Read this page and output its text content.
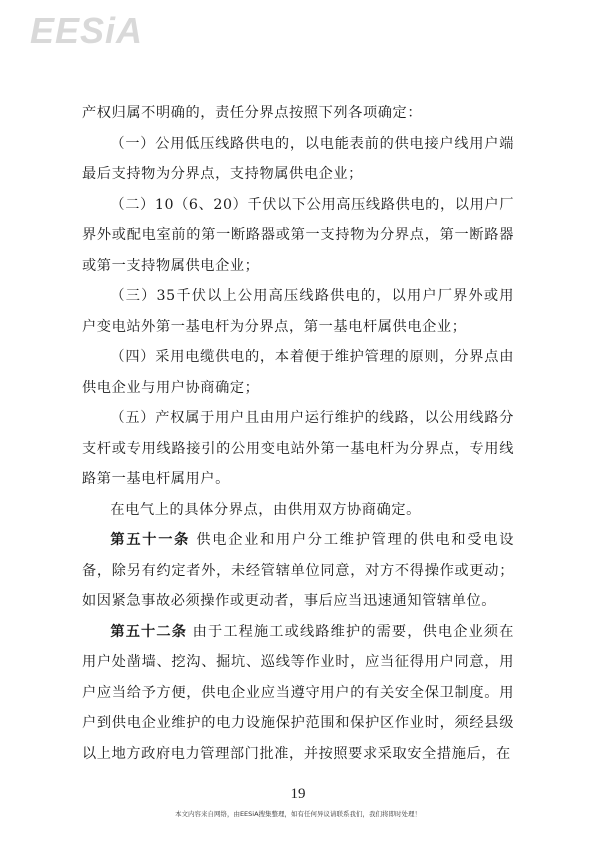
EESiA

产权归属不明确的，责任分界点按照下列各项确定：

（一）公用低压线路供电的，以电能表前的供电接户线用户端最后支持物为分界点，支持物属供电企业；

（二）10（6、20）千伏以下公用高压线路供电的，以用户厂界外或配电室前的第一断路器或第一支持物为分界点，第一断路器或第一支持物属供电企业；

（三）35千伏以上公用高压线路供电的，以用户厂界外或用户变电站外第一基电杆为分界点，第一基电杆属供电企业；

（四）采用电缆供电的，本着便于维护管理的原则，分界点由供电企业与用户协商确定；

（五）产权属于用户且由用户运行维护的线路，以公用线路分支杆或专用线路接引的公用变电站外第一基电杆为分界点，专用线路第一基电杆属用户。

在电气上的具体分界点，由供用双方协商确定。

第五十一条 供电企业和用户分工维护管理的供电和受电设备，除另有约定者外，未经管辖单位同意，对方不得操作或更动；如因紧急事故必须操作或更动者，事后应当迅速通知管辖单位。

第五十二条 由于工程施工或线路维护的需要，供电企业须在用户处凿墙、挖沟、掘坑、巡线等作业时，应当征得用户同意，用户应当给予方便，供电企业应当遵守用户的有关安全保卫制度。用户到供电企业维护的电力设施保护范围和保护区作业时，须经县级以上地方政府电力管理部门批准，并按照要求采取安全措施后，在

19
本文内容来自网络，由EESiA搜集整理，如有任何异议请联系我们，我们将即时处理！
